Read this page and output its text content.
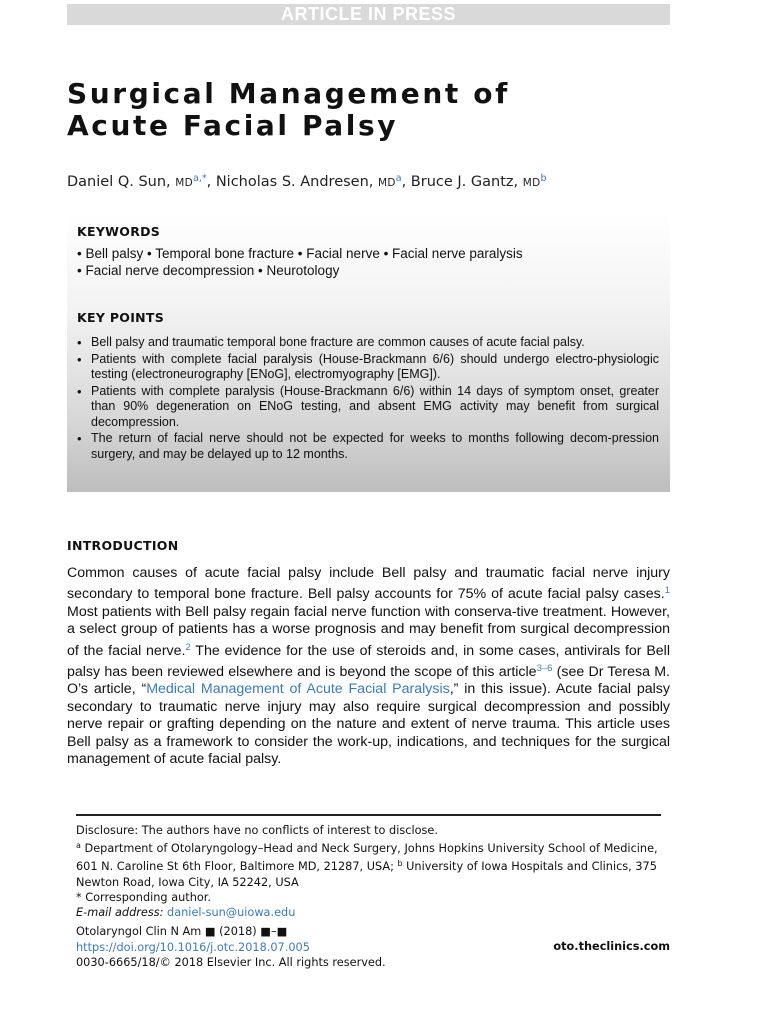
ARTICLE IN PRESS
Surgical Management of
Acute Facial Palsy
Daniel Q. Sun, $MD^{a,*}$, Nicholas S. Andresen, $MD^a$, Bruce J. Gantz, $MD^b$
KEYWORDS
• Bell palsy • Temporal bone fracture • Facial nerve • Facial nerve paralysis
• Facial nerve decompression • Neurotology
KEY POINTS
• Bell palsy and traumatic temporal bone fracture are common causes of acute facial palsy.
• Patients with complete facial paralysis (House-Brackmann 6/6) should undergo electro-physiologic testing (electroneurography [ENoG], electromyography [EMG]).
• Patients with complete paralysis (House-Brackmann 6/6) within 14 days of symptom onset, greater than 90% degeneration on ENoG testing, and absent EMG activity may benefit from surgical decompression.
• The return of facial nerve should not be expected for weeks to months following decom-pression surgery, and may be delayed up to 12 months.
INTRODUCTION

Common causes of acute facial palsy include Bell palsy and traumatic facial nerve injury secondary to temporal bone fracture. Bell palsy accounts for 75% of acute facial palsy cases.$^1$ Most patients with Bell palsy regain facial nerve function with conserva-tive treatment. However, a select group of patients has a worse prognosis and may benefit from surgical decompression of the facial nerve.$^2$ The evidence for the use of steroids and, in some cases, antivirals for Bell palsy has been reviewed elsewhere and is beyond the scope of this article$^{3-6}$ (see Dr Teresa M. O’s article, “Medical Management of Acute Facial Paralysis,” in this issue). Acute facial palsy secondary to traumatic nerve injury may also require surgical decompression and possibly nerve repair or grafting depending on the nature and extent of nerve trauma. This article uses Bell palsy as a framework to consider the work-up, indications, and techniques for the surgical management of acute facial palsy.

Disclosure: The authors have no conflicts of interest to disclose.

$^a$ Department of Otolaryngology–Head and Neck Surgery, Johns Hopkins University School of Medicine, 601 N. Caroline St 6th Floor, Baltimore MD, 21287, USA; $^b$ University of Iowa Hospitals and Clinics, 375 Newton Road, Iowa City, IA 52242, USA

* Corresponding author.

E-mail address: daniel-sun@uiowa.edu

Otolaryngol Clin N Am ■ (2018) ■–■

https://doi.org/10.1016/j.otc.2018.07.005

0030-6665/18/© 2018 Elsevier Inc. All rights reserved.

oto.theclinics.com
